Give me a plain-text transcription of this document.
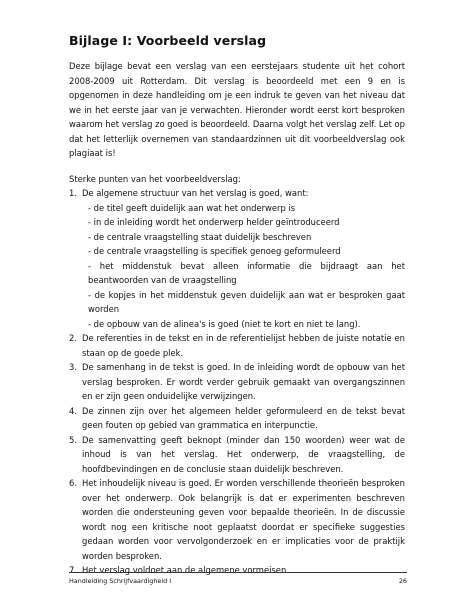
Bijlage I: Voorbeeld verslag

Deze bijlage bevat een verslag van een eerstejaars studente uit het cohort 2008-2009 uit Rotterdam. Dit verslag is beoordeeld met een 9 en is opgenomen in deze handleiding om je een indruk te geven van het niveau dat we in het eerste jaar van je verwachten. Hieronder wordt eerst kort besproken waarom het verslag zo goed is beoordeeld. Daarna volgt het verslag zelf. Let op dat het letterlijk overnemen van standaardzinnen uit dit voorbeeldverslag ook plagiaat is!

Sterke punten van het voorbeeldverslag:
1. De algemene structuur van het verslag is goed, want:
- de titel geeft duidelijk aan wat het onderwerp is
- in de inleiding wordt het onderwerp helder geïntroduceerd
- de centrale vraagstelling staat duidelijk beschreven
- de centrale vraagstelling is specifiek genoeg geformuleerd
- het middenstuk bevat alleen informatie die bijdraagt aan het beantwoorden van de vraagstelling
- de kopjes in het middenstuk geven duidelijk aan wat er besproken gaat worden
- de opbouw van de alinea's is goed (niet te kort en niet te lang).
2. De referenties in de tekst en in de referentielijst hebben de juiste notatie en staan op de goede plek.
3. De samenhang in de tekst is goed. In de inleiding wordt de opbouw van het verslag besproken. Er wordt verder gebruik gemaakt van overgangszinnen en er zijn geen onduidelijke verwijzingen.
4. De zinnen zijn over het algemeen helder geformuleerd en de tekst bevat geen fouten op gebied van grammatica en interpunctie.
5. De samenvatting geeft beknopt (minder dan 150 woorden) weer wat de inhoud is van het verslag. Het onderwerp, de vraagstelling, de hoofdbevindingen en de conclusie staan duidelijk beschreven.
6. Het inhoudelijk niveau is goed. Er worden verschillende theorieën besproken over het onderwerp. Ook belangrijk is dat er experimenten beschreven worden die ondersteuning geven voor bepaalde theorieën. In de discussie wordt nog een kritische noot geplaatst doordat er specifieke suggesties gedaan worden voor vervolgonderzoek en er implicaties voor de praktijk worden besproken.
7. Het verslag voldoet aan de algemene vormeisen.
Handleiding Schrijfvaardigheid I	26
